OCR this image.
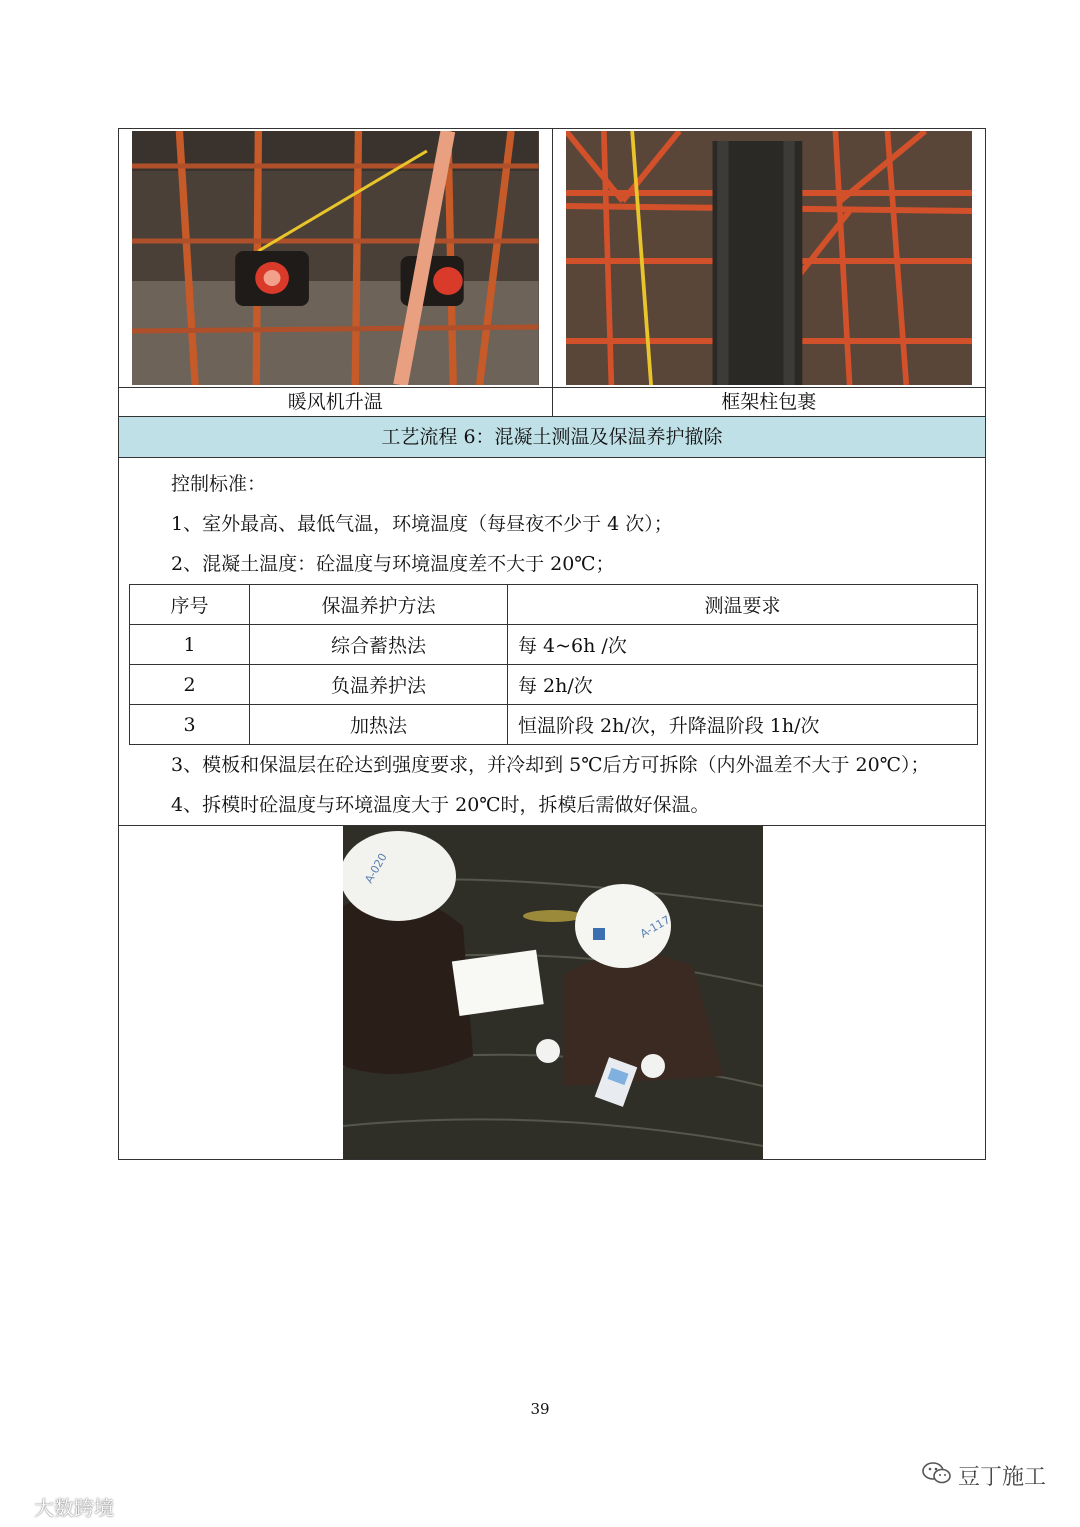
暖风机升温	框架柱包裹
工艺流程 6：混凝土测温及保温养护撤除
控制标准：
1、室外最高、最低气温，环境温度（每昼夜不少于 4 次）；
2、混凝土温度：砼温度与环境温度差不大于 20℃；
序号	保温养护方法	测温要求
1	综合蓄热法	每 4~6h /次
2	负温养护法	每 2h/次
3	加热法	恒温阶段 2h/次，升降温阶段 1h/次
3、模板和保温层在砼达到强度要求，并冷却到 5℃后方可拆除（内外温差不大于 20℃）；
4、拆模时砼温度与环境温度大于 20℃时，拆模后需做好保温。
A-020
A-117
39
大数跨境
豆丁施工
